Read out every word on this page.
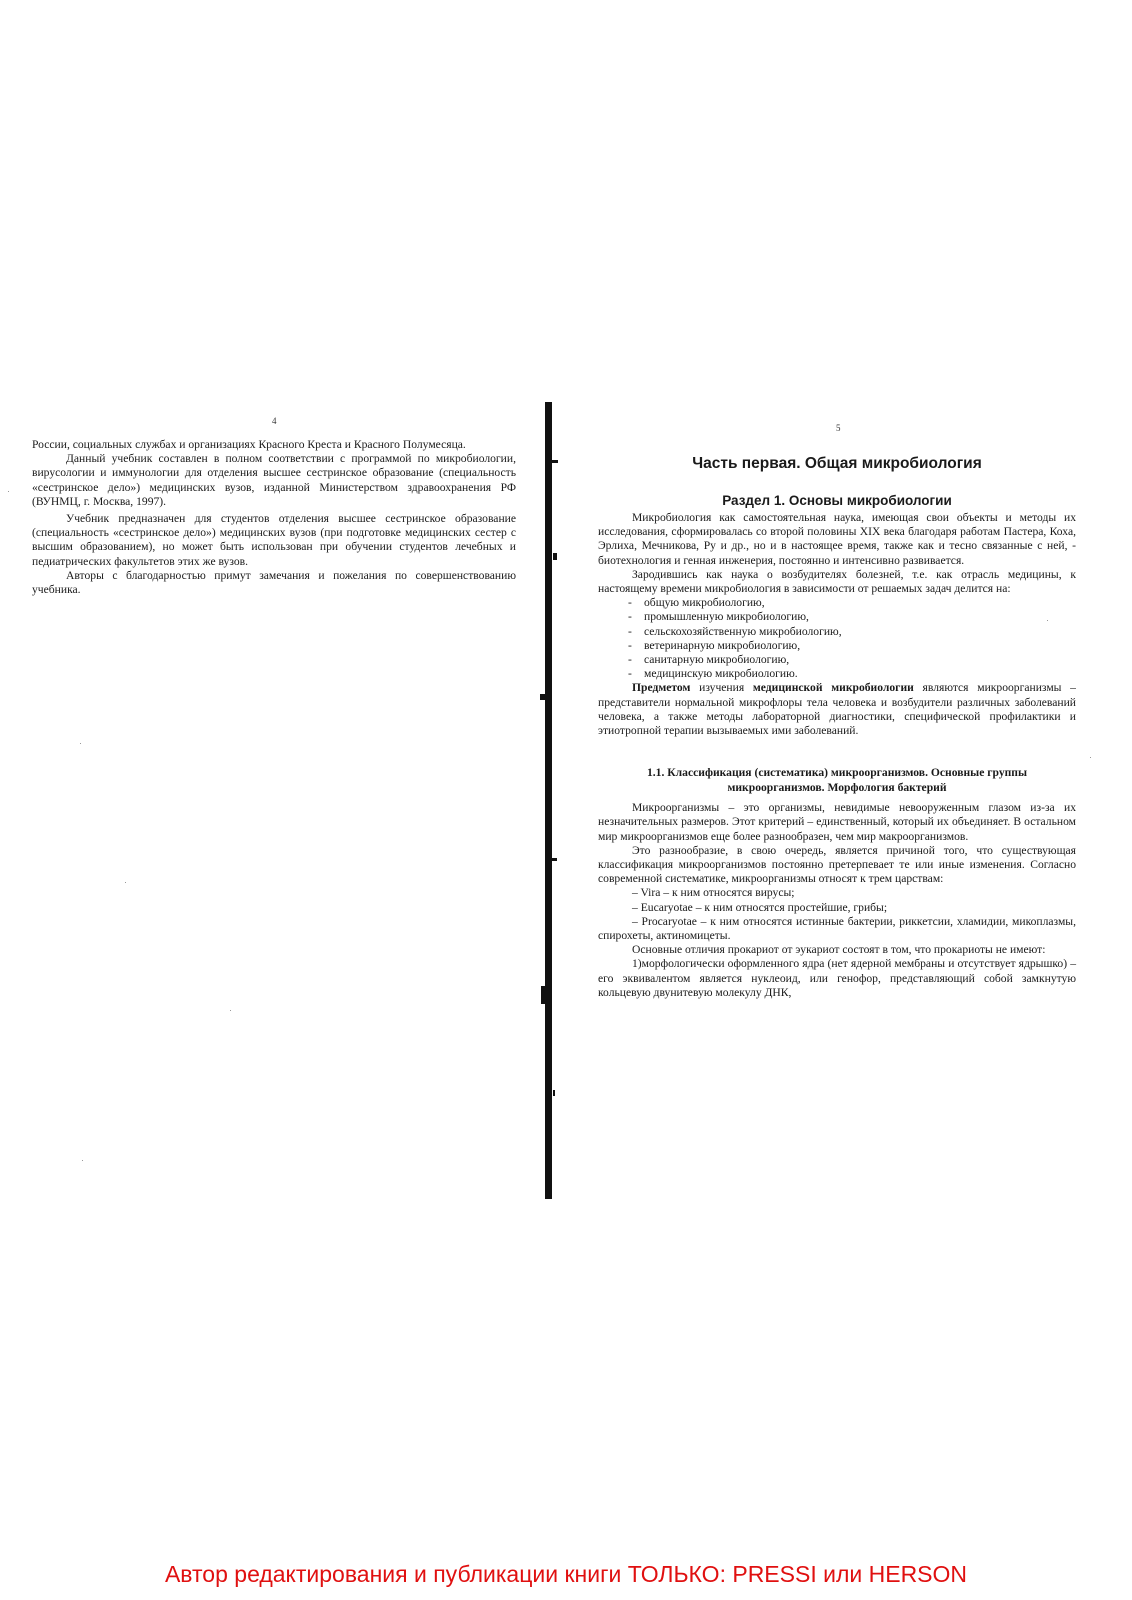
4

России, социальных службах и организациях Красного Креста и Красного Полумесяца.

Данный учебник составлен в полном соответствии с программой по микробиологии, вирусологии и иммунологии для отделения высшее сестринское образование (специальность «сестринское дело») медицинских вузов, изданной Министерством здравоохранения РФ (ВУНМЦ, г. Москва, 1997).

Учебник предназначен для студентов отделения высшее сестринское образование (специальность «сестринское дело») медицинских вузов (при подготовке медицинских сестер с высшим образованием), но может быть использован при обучении студентов лечебных и педиатрических факультетов этих же вузов.

Авторы с благодарностью примут замечания и пожелания по совершенствованию учебника.

5
Часть первая. Общая микробиология
Раздел 1. Основы микробиологии

Микробиология как самостоятельная наука, имеющая свои объекты и методы их исследования, сформировалась со второй половины XIX века благодаря работам Пастера, Коха, Эрлиха, Мечникова, Ру и др., но и в настоящее время, также как и тесно связанные с ней, - биотехнология и генная инженерия, постоянно и интенсивно развивается.

Зародившись как наука о возбудителях болезней, т.е. как отрасль медицины, к настоящему времени микробиология в зависимости от решаемых задач делится на:

- общую микробиологию,
- промышленную микробиологию,
- сельскохозяйственную микробиологию,
- ветеринарную микробиологию,
- санитарную микробиологию,
- медицинскую микробиологию.

Предметом изучения медицинской микробиологии являются микроорганизмы – представители нормальной микрофлоры тела человека и возбудители различных заболеваний человека, а также методы лабораторной диагностики, специфической профилактики и этиотропной терапии вызываемых ими заболеваний.

1.1. Классификация (систематика) микроорганизмов. Основные группы
микроорганизмов. Морфология бактерий

Микроорганизмы – это организмы, невидимые невооруженным глазом из-за их незначительных размеров. Этот критерий – единственный, который их объединяет. В остальном мир микроорганизмов еще более разнообразен, чем мир макроорганизмов.

Это разнообразие, в свою очередь, является причиной того, что существующая классификация микроорганизмов постоянно претерпевает те или иные изменения. Согласно современной систематике, микроорганизмы относят к трем царствам:

– Vira – к ним относятся вирусы;

– Eucaryotae – к ним относятся простейшие, грибы;

– Procaryotae – к ним относятся истинные бактерии, риккетсии, хламидии, микоплазмы, спирохеты, актиномицеты.

Основные отличия прокариот от эукариот состоят в том, что прокариоты не имеют:

1)морфологически оформленного ядра (нет ядерной мембраны и отсутствует ядрышко) – его эквивалентом является нуклеоид, или генофор, представляющий собой замкнутую кольцевую двунитевую молекулу ДНК,

Автор редактирования и публикации книги ТОЛЬКО: PRESSI или HERSON
